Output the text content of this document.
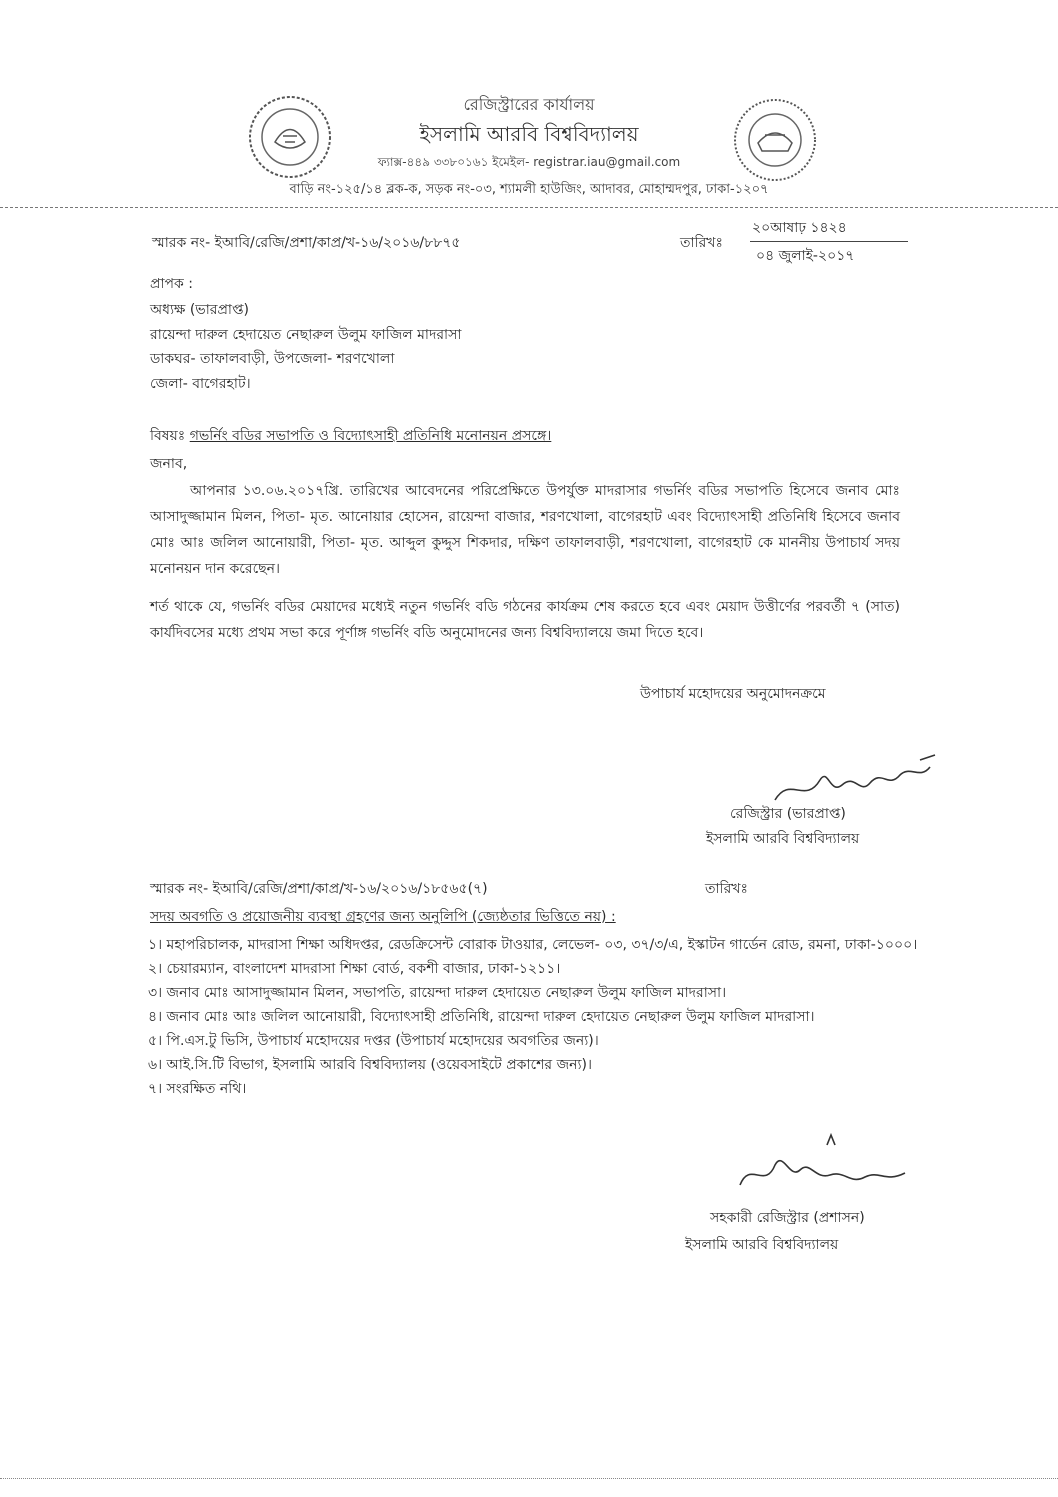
রেজিস্ট্রারের কার্যালয়
ইসলামি আরবি বিশ্ববিদ্যালয়
ফ্যাক্স-৪৪৯ ৩৩৮০১৬১ ইমেইল- registrar.iau@gmail.com
বাড়ি নং-১২৫/১৪ ব্লক-ক, সড়ক নং-০৩, শ্যামলী হাউজিং, আদাবর, মোহাম্মদপুর, ঢাকা-১২০৭
স্মারক নং- ইআবি/রেজি/প্রশা/কাপ্র/খ-১৬/২০১৬/৮৮৭৫	তারিখঃ
২০আষাঢ় ১৪২৪
০৪ জুলাই-২০১৭
প্রাপক :
অধ্যক্ষ (ভারপ্রাপ্ত)
রায়েন্দা দারুল হেদায়েত নেছারুল উলুম ফাজিল মাদরাসা
ডাকঘর- তাফালবাড়ী, উপজেলা- শরণখোলা
জেলা- বাগেরহাট।
বিষয়ঃ গভর্নিং বডির সভাপতি ও বিদ্যোৎসাহী প্রতিনিধি মনোনয়ন প্রসঙ্গে।
জনাব,
আপনার ১৩.০৬.২০১৭খ্রি. তারিখের আবেদনের পরিপ্রেক্ষিতে উপর্যুক্ত মাদরাসার গভর্নিং বডির সভাপতি হিসেবে জনাব মোঃ আসাদুজ্জামান মিলন, পিতা- মৃত. আনোয়ার হোসেন, রায়েন্দা বাজার, শরণখোলা, বাগেরহাট এবং বিদ্যোৎসাহী প্রতিনিধি হিসেবে জনাব মোঃ আঃ জলিল আনোয়ারী, পিতা- মৃত. আব্দুল কুদ্দুস শিকদার, দক্ষিণ তাফালবাড়ী, শরণখোলা, বাগেরহাট কে মাননীয় উপাচার্য সদয় মনোনয়ন দান করেছেন।
শর্ত থাকে যে, গভর্নিং বডির মেয়াদের মধ্যেই নতুন গভর্নিং বডি গঠনের কার্যক্রম শেষ করতে হবে এবং মেয়াদ উত্তীর্ণের পরবর্তী ৭ (সাত) কার্যদিবসের মধ্যে প্রথম সভা করে পূর্ণাঙ্গ গভর্নিং বডি অনুমোদনের জন্য বিশ্ববিদ্যালয়ে জমা দিতে হবে।
উপাচার্য মহোদয়ের অনুমোদনক্রমে
রেজিস্ট্রার (ভারপ্রাপ্ত)
ইসলামি আরবি বিশ্ববিদ্যালয়
স্মারক নং- ইআবি/রেজি/প্রশা/কাপ্র/খ-১৬/২০১৬/১৮৫৬৫(৭)	তারিখঃ
সদয় অবগতি ও প্রয়োজনীয় ব্যবস্থা গ্রহণের জন্য অনুলিপি (জ্যেষ্ঠতার ভিত্তিতে নয়) :

১। মহাপরিচালক, মাদরাসা শিক্ষা অধিদপ্তর, রেডক্রিসেন্ট বোরাক টাওয়ার, লেভেল- ০৩, ৩৭/৩/এ, ইস্কাটন গার্ডেন রোড, রমনা, ঢাকা-১০০০।

২। চেয়ারম্যান, বাংলাদেশ মাদরাসা শিক্ষা বোর্ড, বকশী বাজার, ঢাকা-১২১১।

৩। জনাব মোঃ আসাদুজ্জামান মিলন, সভাপতি, রায়েন্দা দারুল হেদায়েত নেছারুল উলুম ফাজিল মাদরাসা।

৪। জনাব মোঃ আঃ জলিল আনোয়ারী, বিদ্যোৎসাহী প্রতিনিধি, রায়েন্দা দারুল হেদায়েত নেছারুল উলুম ফাজিল মাদরাসা।

৫। পি.এস.টু ভিসি, উপাচার্য মহোদয়ের দপ্তর (উপাচার্য মহোদয়ের অবগতির জন্য)।

৬। আই.সি.টি বিভাগ, ইসলামি আরবি বিশ্ববিদ্যালয় (ওয়েবসাইটে প্রকাশের জন্য)।

৭। সংরক্ষিত নথি।

সহকারী রেজিস্ট্রার (প্রশাসন)
ইসলামি আরবি বিশ্ববিদ্যালয়
